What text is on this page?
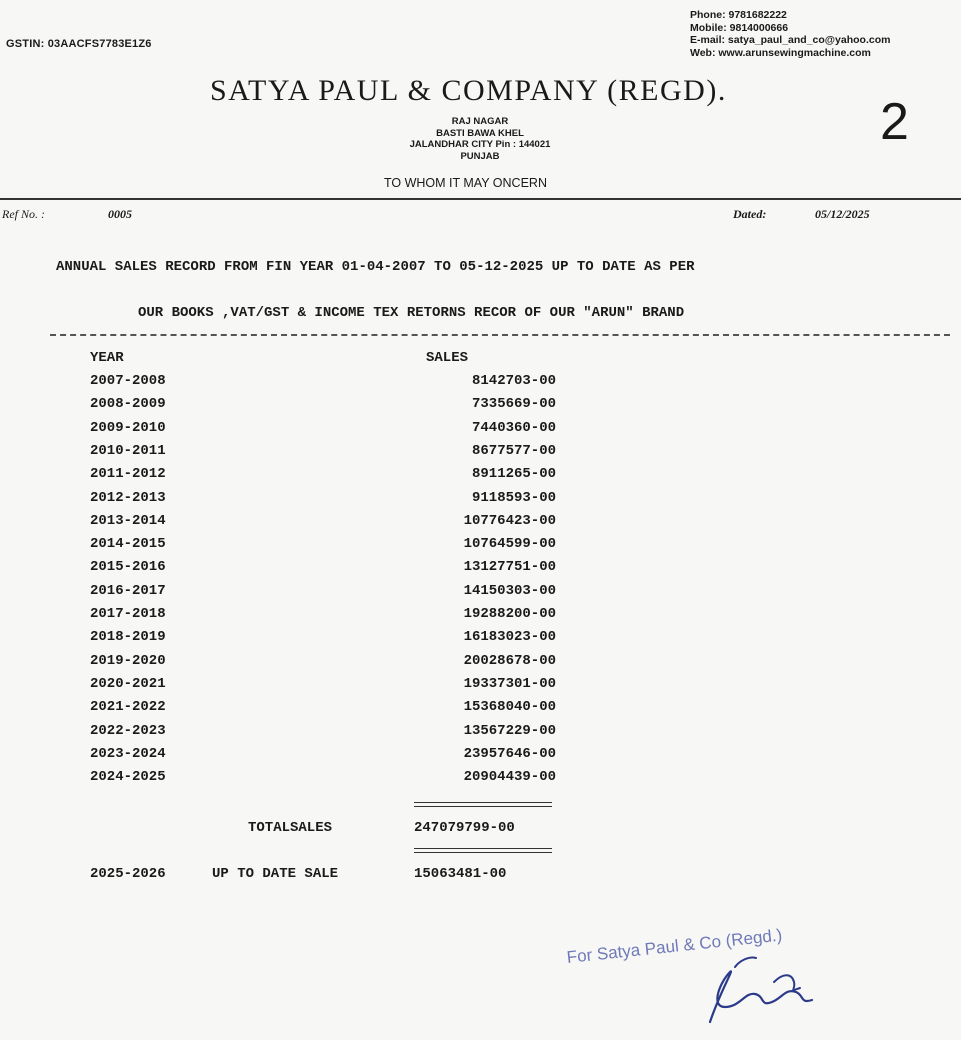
GSTIN: 03AACFS7783E1Z6
Phone: 9781682222
Mobile: 9814000666
E-mail: satya_paul_and_co@yahoo.com
Web: www.arunsewingmachine.com
SATYA PAUL & COMPANY (REGD).
2
RAJ NAGAR
BASTI BAWA KHEL
JALANDHAR CITY Pin : 144021
PUNJAB
TO WHOM IT MAY ONCERN
Ref No. :	0005	Dated:	05/12/2025
ANNUAL SALES RECORD FROM FIN YEAR 01-04-2007 TO 05-12-2025 UP TO DATE AS PER
OUR BOOKS ,VAT/GST & INCOME TEX RETORNS RECOR OF OUR "ARUN" BRAND
YEAR	SALES
2007-2008	8142703-00
2008-2009	7335669-00
2009-2010	7440360-00
2010-2011	8677577-00
2011-2012	8911265-00
2012-2013	9118593-00
2013-2014	10776423-00
2014-2015	10764599-00
2015-2016	13127751-00
2016-2017	14150303-00
2017-2018	19288200-00
2018-2019	16183023-00
2019-2020	20028678-00
2020-2021	19337301-00
2021-2022	15368040-00
2022-2023	13567229-00
2023-2024	23957646-00
2024-2025	20904439-00
TOTALSALES	247079799-00
2025-2026	UP TO DATE SALE	15063481-00
For Satya Paul & Co (Regd.)
